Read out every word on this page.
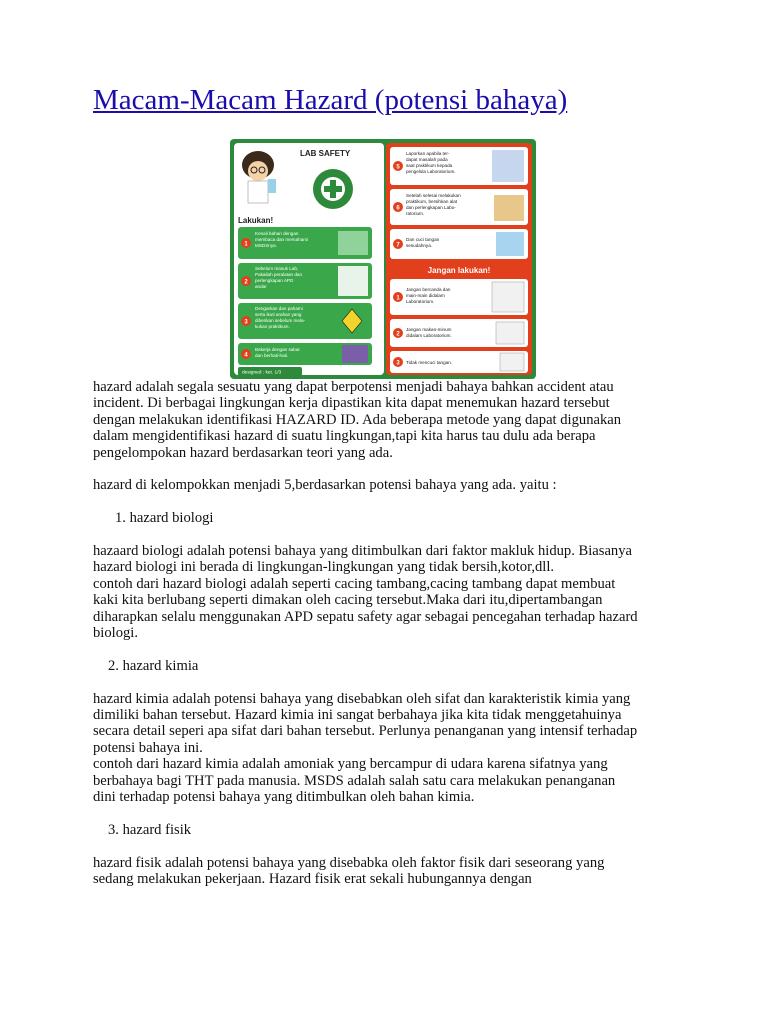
Macam-Macam Hazard (potensi bahaya)
LAB SAFETY
Lakukan!
1
Kenali bahan dengan membaca dan memahami MSDSnya.
2
Sebelum masuk Lab, Pakailah peralatan dan perlengkapan APD anda!
3
Dengarkan dan pahami serta ikuti arahan yang diberikan sebelum mela-kukan praktikum.
4
Bekerja dengan sabar dan berhati-hati.
designed : ket. 1/3
5
Laporkan apabila ter-dapat masalah pada saat praktikum kepada pengelola Laboratorium.
6
Setelah selesai melakukan praktikum, bersihkan alat dan perlengkapan Labo-ratorium.
7
Dan cuci tangan sesudahnya.
Jangan lakukan!
1
Jangan bercanda dan main-main didalam Laboratorium.
2
Jangan makan-minum didalam Laboratorium.
3 Tidak mencuci tangan.

hazard adalah segala sesuatu yang dapat berpotensi menjadi bahaya bahkan accident atau
incident. Di berbagai lingkungan kerja dipastikan kita dapat menemukan hazard tersebut
dengan melakukan identifikasi HAZARD ID. Ada beberapa metode yang dapat digunakan
dalam mengidentifikasi hazard di suatu lingkungan,tapi kita harus tau dulu ada berapa
pengelompokan hazard berdasarkan teori yang ada.

hazard di kelompokkan menjadi 5,berdasarkan potensi bahaya yang ada. yaitu :

1. hazard biologi

hazaard biologi adalah potensi bahaya yang ditimbulkan dari faktor makluk hidup. Biasanya
hazard biologi ini berada di lingkungan-lingkungan yang tidak bersih,kotor,dll.
contoh dari hazard biologi adalah seperti cacing tambang,cacing tambang dapat membuat
kaki kita berlubang seperti dimakan oleh cacing tersebut.Maka dari itu,dipertambangan
diharapkan selalu menggunakan APD sepatu safety agar sebagai pencegahan terhadap hazard
biologi.

2. hazard kimia

hazard kimia adalah potensi bahaya yang disebabkan oleh sifat dan karakteristik kimia yang
dimiliki bahan tersebut. Hazard kimia ini sangat berbahaya jika kita tidak menggetahuinya
secara detail seperi apa sifat dari bahan tersebut. Perlunya penanganan yang intensif terhadap
potensi bahaya ini.
contoh dari hazard kimia adalah amoniak yang bercampur di udara karena sifatnya yang
berbahaya bagi THT pada manusia. MSDS adalah salah satu cara melakukan penanganan
dini terhadap potensi bahaya yang ditimbulkan oleh bahan kimia.

3. hazard fisik

hazard fisik adalah potensi bahaya yang disebabka oleh faktor fisik dari seseorang yang
sedang melakukan pekerjaan. Hazard fisik erat sekali hubungannya dengan
